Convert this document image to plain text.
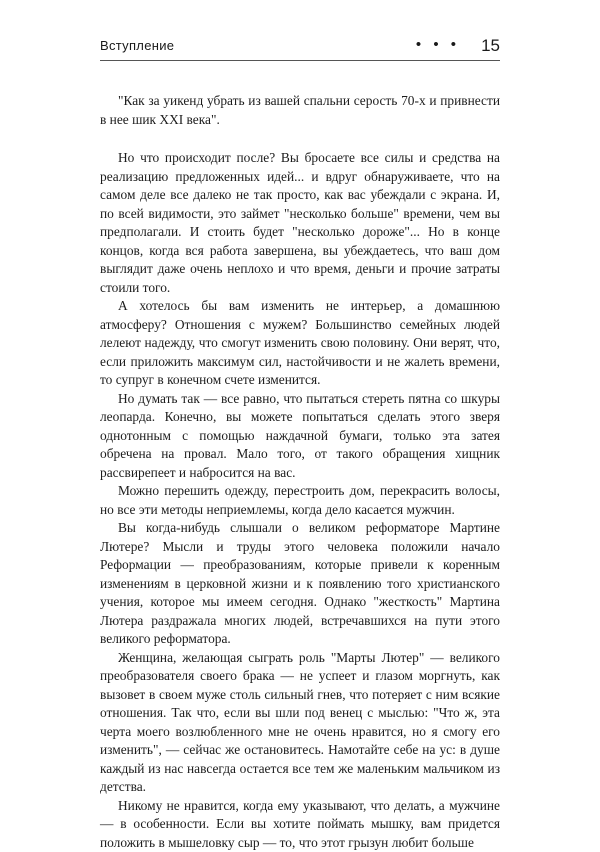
Вступление	• • • 15

"Как за уикенд убрать из вашей спальни серость 70-х и привнести в нее шик XXI века".

Но что происходит после? Вы бросаете все силы и средства на реализацию предложенных идей... и вдруг обнаруживаете, что на самом деле все далеко не так просто, как вас убеждали с экрана. И, по всей видимости, это займет "несколько больше" времени, чем вы предполагали. И стоить будет "несколько дороже"... Но в конце концов, когда вся работа завершена, вы убеждаетесь, что ваш дом выглядит даже очень неплохо и что время, деньги и прочие затраты стоили того.

А хотелось бы вам изменить не интерьер, а домашнюю атмосферу? Отношения с мужем? Большинство семейных людей лелеют надежду, что смогут изменить свою половину. Они верят, что, если приложить максимум сил, настойчивости и не жалеть времени, то супруг в конечном счете изменится.

Но думать так — все равно, что пытаться стереть пятна со шкуры леопарда. Конечно, вы можете попытаться сделать этого зверя однотонным с помощью наждачной бумаги, только эта затея обречена на провал. Мало того, от такого обращения хищник рассвирепеет и набросится на вас.

Можно перешить одежду, перестроить дом, перекрасить волосы, но все эти методы неприемлемы, когда дело касается мужчин.

Вы когда-нибудь слышали о великом реформаторе Мартине Лютере? Мысли и труды этого человека положили начало Реформации — преобразованиям, которые привели к коренным изменениям в церковной жизни и к появлению того христианского учения, которое мы имеем сегодня. Однако "жесткость" Мартина Лютера раздражала многих людей, встречавшихся на пути этого великого реформатора.

Женщина, желающая сыграть роль "Марты Лютер" — великого преобразователя своего брака — не успеет и глазом моргнуть, как вызовет в своем муже столь сильный гнев, что потеряет с ним всякие отношения. Так что, если вы шли под венец с мыслью: "Что ж, эта черта моего возлюбленного мне не очень нравится, но я смогу его изменить", — сейчас же остановитесь. Намотайте себе на ус: в душе каждый из нас навсегда остается все тем же маленьким мальчиком из детства.

Никому не нравится, когда ему указывают, что делать, а мужчине — в особенности. Если вы хотите поймать мышку, вам придется положить в мышеловку сыр — то, что этот грызун любит больше
